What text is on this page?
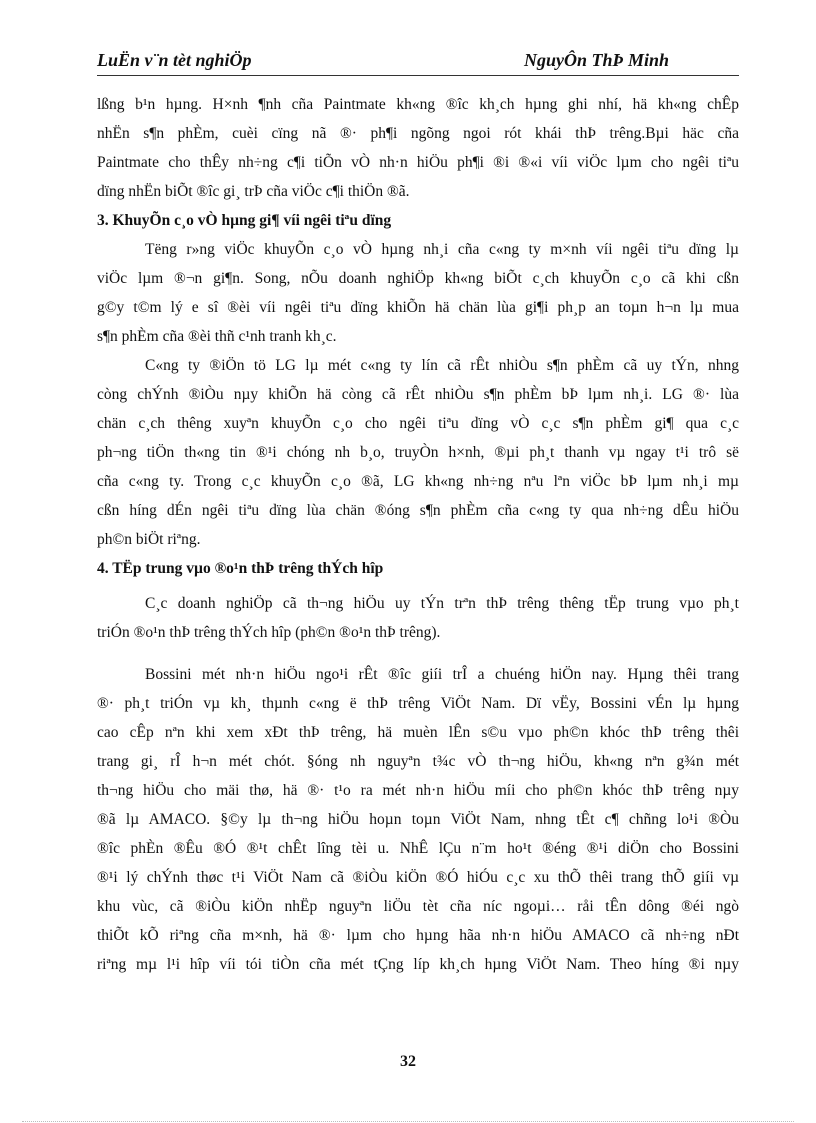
LuËn v¨n tèt nghiÖp	NguyÔn ThÞ Minh
lßng b¹n hµng. H×nh ¶nh cña Paintmate kh«ng ®îc kh¸ch hµng ghi nhí, hä kh«ng chÊp
nhËn s¶n phÈm, cuèi cïng nã ®· ph¶i ngõng ngoi rót khái thÞ trêng.Bµi häc cña
Paintmate cho thÊy nh÷ng c¶i tiÕn vÒ nh·n hiÖu ph¶i ®i ®«i víi viÖc lµm cho ngêi tiªu
dïng nhËn biÕt ®îc gi¸ trÞ cña viÖc c¶i thiÖn ®ã.
3. KhuyÕn c¸o vÒ hµng gi¶ víi ngêi tiªu dïng
Tëng r»ng viÖc khuyÕn c¸o vÒ hµng nh¸i cña c«ng ty m×nh víi ngêi tiªu dïng lµ
viÖc lµm ®¬n gi¶n. Song, nÕu doanh nghiÖp kh«ng biÕt c¸ch khuyÕn c¸o cã khi cßn
g©y t©m lý e sî ®èi víi ngêi tiªu dïng khiÕn hä chän lùa gi¶i ph¸p an toµn h¬n lµ mua
s¶n phÈm cña ®èi thñ c¹nh tranh kh¸c.
C«ng ty ®iÖn tö LG lµ mét c«ng ty lín cã rÊt nhiÒu s¶n phÈm cã uy tÝn, nhng
còng chÝnh ®iÒu nµy khiÕn hä còng cã rÊt nhiÒu s¶n phÈm bÞ lµm nh¸i. LG ®· lùa
chän c¸ch thêng xuyªn khuyÕn c¸o cho ngêi tiªu dïng vÒ c¸c s¶n phÈm gi¶ qua c¸c
ph¬ng tiÖn th«ng tin ®¹i chóng nh b¸o, truyÒn h×nh, ®µi ph¸t thanh vµ ngay t¹i trô së
cña c«ng ty. Trong c¸c khuyÕn c¸o ®ã, LG kh«ng nh÷ng nªu lªn viÖc bÞ lµm nh¸i mµ
cßn híng dÉn ngêi tiªu dïng lùa chän ®óng s¶n phÈm cña c«ng ty qua nh÷ng dÊu hiÖu
ph©n biÖt riªng.
4. TËp trung vµo ®o¹n thÞ trêng thÝch hîp
C¸c doanh nghiÖp cã th¬ng hiÖu uy tÝn trªn thÞ trêng thêng tËp trung vµo ph¸t
triÓn ®o¹n thÞ trêng thÝch hîp (ph©n ®o¹n thÞ trêng).
Bossini mét nh·n hiÖu ngo¹i rÊt ®îc giíi trÎ a chuéng hiÖn nay. Hµng thêi trang
®· ph¸t triÓn vµ kh¸ thµnh c«ng ë thÞ trêng ViÖt Nam. Dï vËy, Bossini vÉn lµ hµng
cao cÊp nªn khi xem xÐt thÞ trêng, hä muèn lÊn s©u vµo ph©n khóc thÞ trêng thêi
trang gi¸ rÎ h¬n mét chót. §óng nh nguyªn t¾c vÒ th¬ng hiÖu, kh«ng nªn g¾n mét
th¬ng hiÖu cho mäi thø, hä ®· t¹o ra mét nh·n hiÖu míi cho ph©n khóc thÞ trêng nµy
®ã lµ AMACO. §©y lµ th¬ng hiÖu hoµn toµn ViÖt Nam, nhng tÊt c¶ chñng lo¹i ®Òu
®îc phÈn ®Êu ®Ó ®¹t chÊt lîng tèi u. NhÊ lÇu n¨m ho¹t ®éng ®¹i diÖn cho Bossini
®¹i lý chÝnh thøc t¹i ViÖt Nam cã ®iÒu kiÖn ®Ó hiÓu c¸c xu thÕ thêi trang thÕ giíi vµ
khu vùc, cã ®iÒu kiÖn nhËp nguyªn liÖu tèt cña níc ngoµi… råi tÊn dông ®éi ngò
thiÕt kÕ riªng cña m×nh, hä ®· lµm cho hµng hãa nh·n hiÖu AMACO cã nh÷ng nÐt
riªng mµ l¹i hîp víi tói tiÒn cña mét tÇng líp kh¸ch hµng ViÖt Nam. Theo híng ®i nµy
32
